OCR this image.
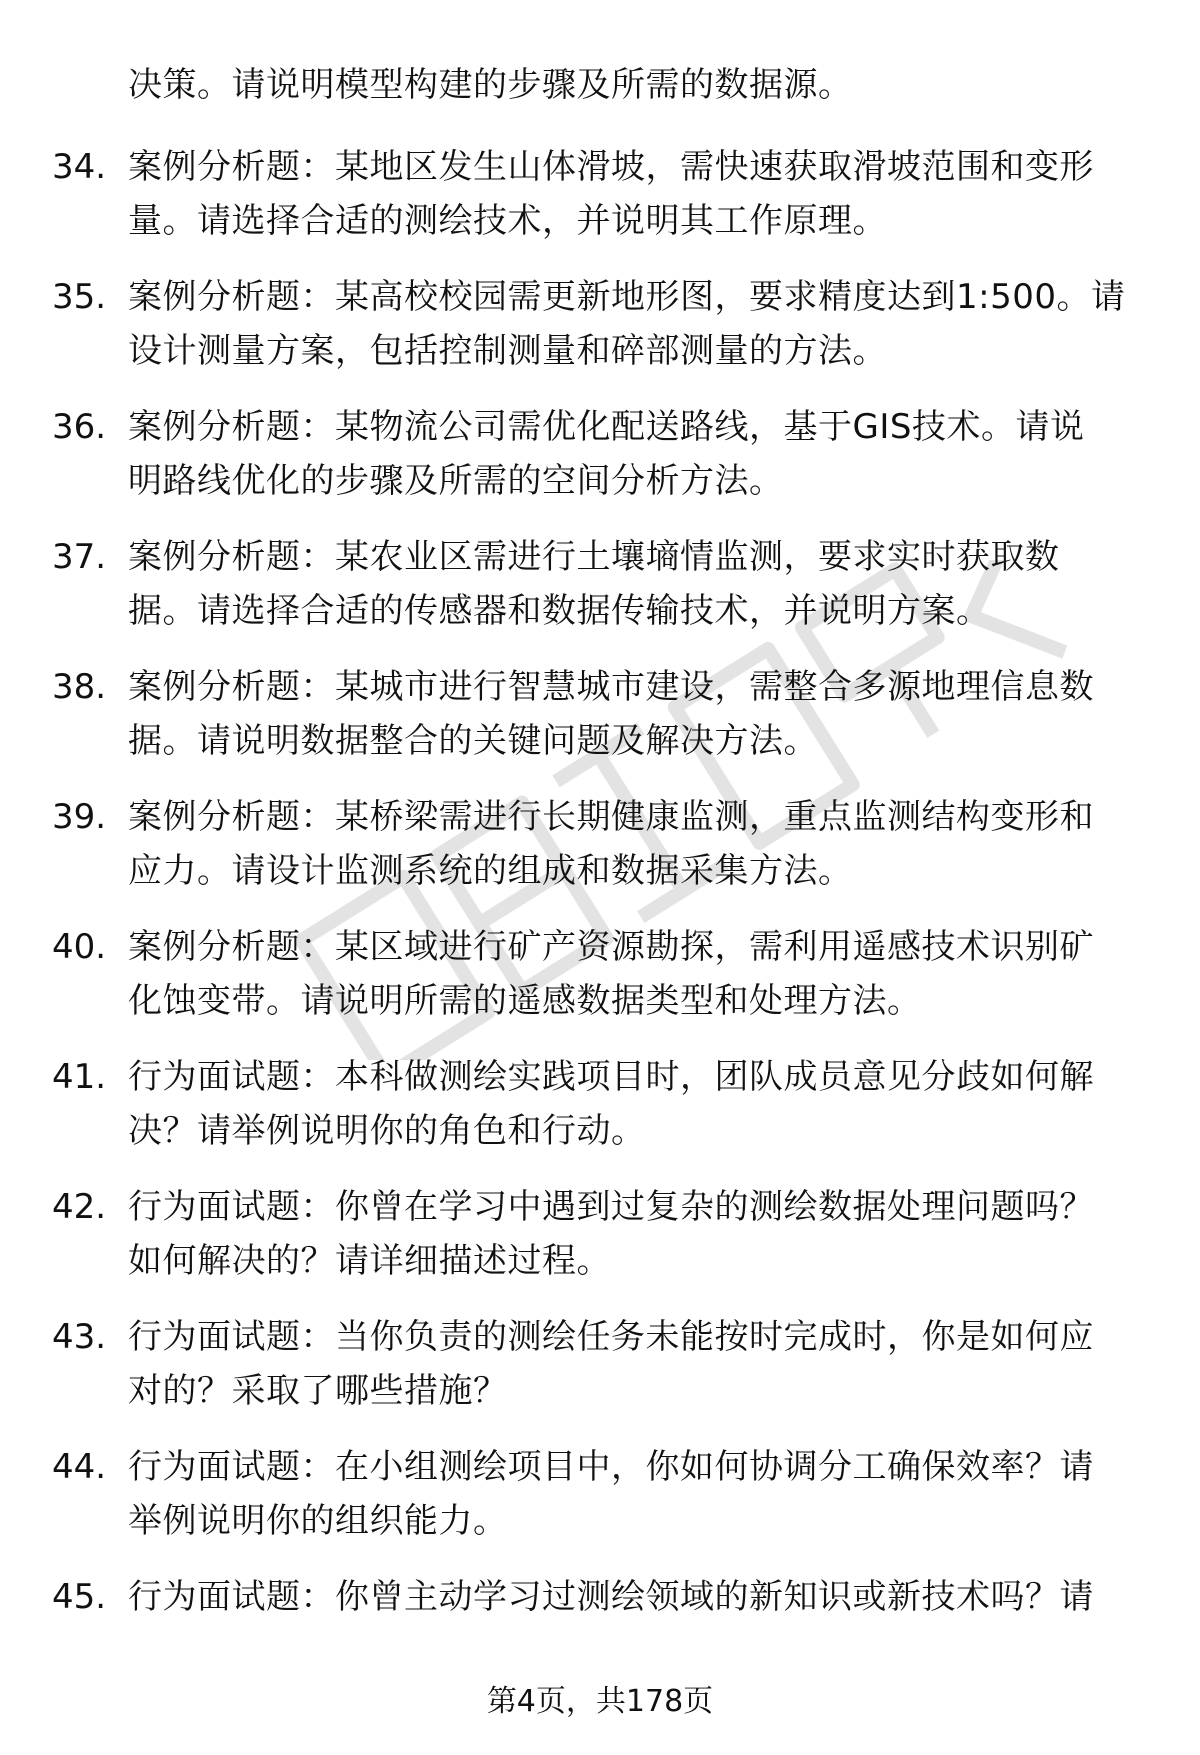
决策。请说明模型构建的步骤及所需的数据源。
34. 案例分析题：某地区发生山体滑坡，需快速获取滑坡范围和变形
量。请选择合适的测绘技术，并说明其工作原理。
35. 案例分析题：某高校校园需更新地形图，要求精度达到1:500。请
设计测量方案，包括控制测量和碎部测量的方法。
36. 案例分析题：某物流公司需优化配送路线，基于GIS技术。请说
明路线优化的步骤及所需的空间分析方法。
37. 案例分析题：某农业区需进行土壤墒情监测，要求实时获取数
据。请选择合适的传感器和数据传输技术，并说明方案。
38. 案例分析题：某城市进行智慧城市建设，需整合多源地理信息数
据。请说明数据整合的关键问题及解决方法。
39. 案例分析题：某桥梁需进行长期健康监测，重点监测结构变形和
应力。请设计监测系统的组成和数据采集方法。
40. 案例分析题：某区域进行矿产资源勘探，需利用遥感技术识别矿
化蚀变带。请说明所需的遥感数据类型和处理方法。
41. 行为面试题：本科做测绘实践项目时，团队成员意见分歧如何解
决？请举例说明你的角色和行动。
42. 行为面试题：你曾在学习中遇到过复杂的测绘数据处理问题吗？
如何解决的？请详细描述过程。
43. 行为面试题：当你负责的测绘任务未能按时完成时，你是如何应
对的？采取了哪些措施？
44. 行为面试题：在小组测绘项目中，你如何协调分工确保效率？请
举例说明你的组织能力。
45. 行为面试题：你曾主动学习过测绘领域的新知识或新技术吗？请
第4页，共178页
